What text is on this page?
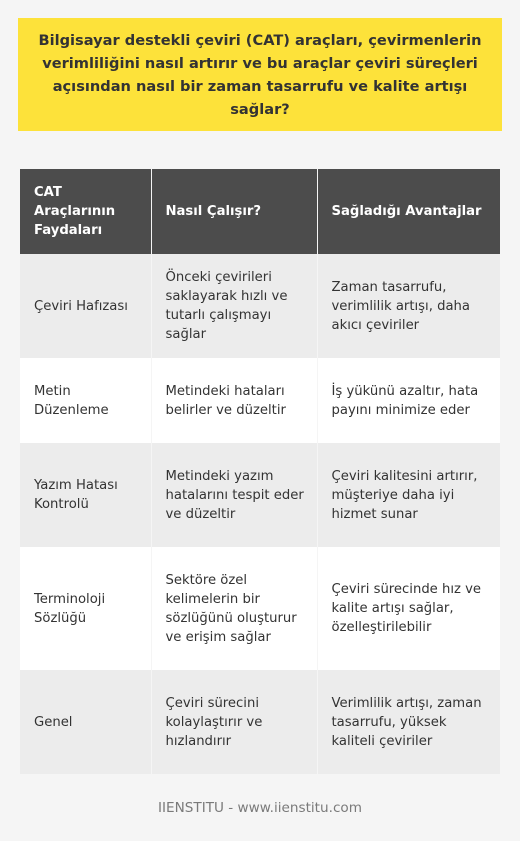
Bilgisayar destekli çeviri (CAT) araçları, çevirmenlerin verimliliğini nasıl artırır ve bu araçlar çeviri süreçleri açısından nasıl bir zaman tasarrufu ve kalite artışı sağlar?
CAT Araçlarının Faydaları	Nasıl Çalışır?	Sağladığı Avantajlar
Çeviri Hafızası	Önceki çevirileri saklayarak hızlı ve tutarlı çalışmayı sağlar	Zaman tasarrufu, verimlilik artışı, daha akıcı çeviriler
Metin Düzenleme	Metindeki hataları belirler ve düzeltir	İş yükünü azaltır, hata payını minimize eder
Yazım Hatası Kontrolü	Metindeki yazım hatalarını tespit eder ve düzeltir	Çeviri kalitesini artırır, müşteriye daha iyi hizmet sunar
Terminoloji Sözlüğü	Sektöre özel kelimelerin bir sözlüğünü oluşturur ve erişim sağlar	Çeviri sürecinde hız ve kalite artışı sağlar, özelleştirilebilir
Genel	Çeviri sürecini kolaylaştırır ve hızlandırır	Verimlilik artışı, zaman tasarrufu, yüksek kaliteli çeviriler
IIENSTITU - www.iienstitu.com
